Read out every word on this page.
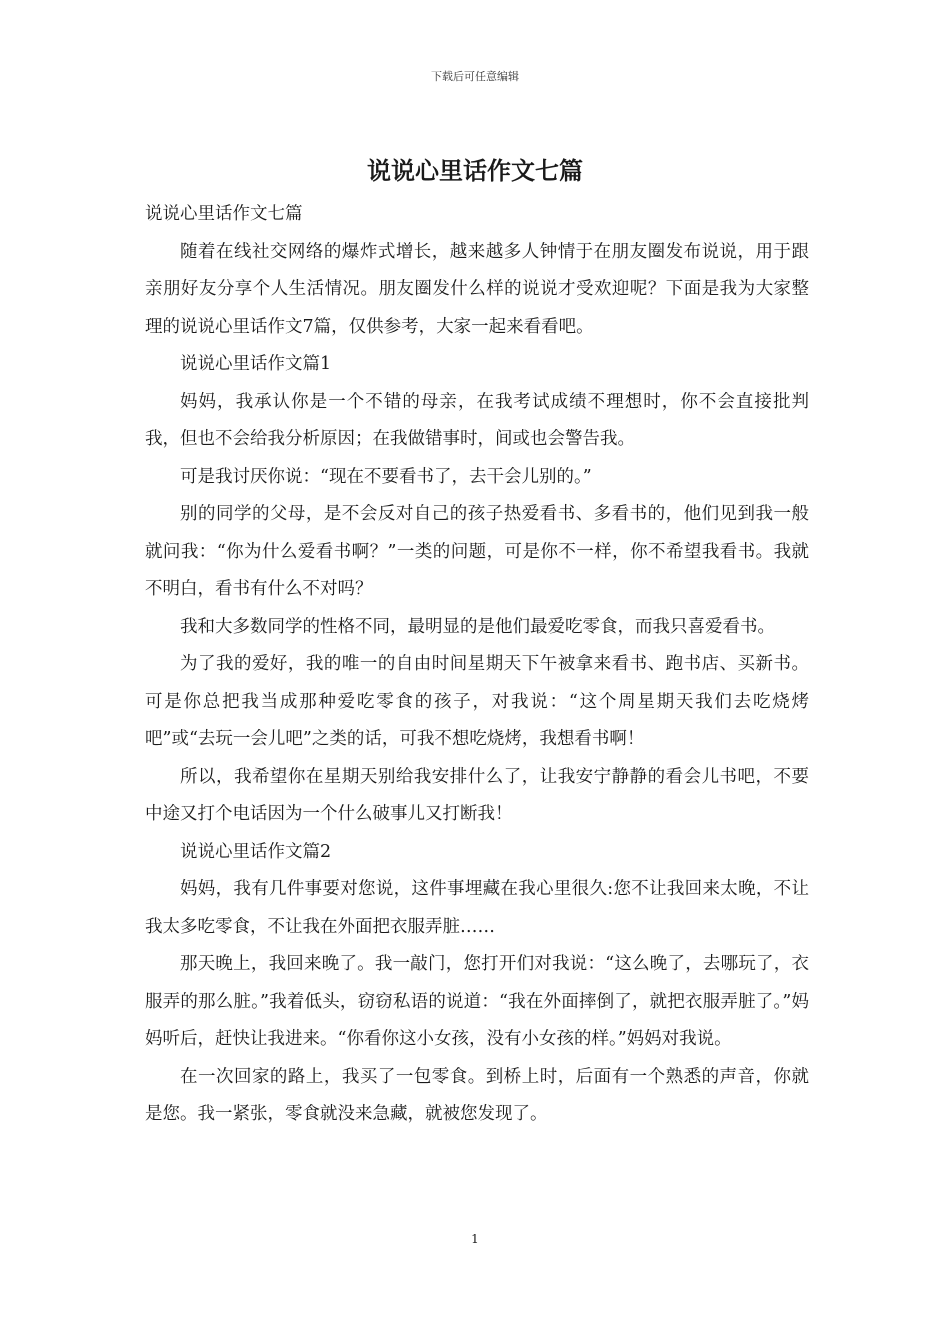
下载后可任意编辑
说说心里话作文七篇

说说心里话作文七篇

随着在线社交网络的爆炸式增长，越来越多人钟情于在朋友圈发布说说，用于跟亲朋好友分享个人生活情况。朋友圈发什么样的说说才受欢迎呢？下面是我为大家整理的说说心里话作文7篇，仅供参考，大家一起来看看吧。

说说心里话作文篇1

妈妈，我承认你是一个不错的母亲，在我考试成绩不理想时，你不会直接批判我，但也不会给我分析原因；在我做错事时，间或也会警告我。

可是我讨厌你说：“现在不要看书了，去干会儿别的。”

别的同学的父母，是不会反对自己的孩子热爱看书、多看书的，他们见到我一般就问我：“你为什么爱看书啊？”一类的问题，可是你不一样，你不希望我看书。我就不明白，看书有什么不对吗？

我和大多数同学的性格不同，最明显的是他们最爱吃零食，而我只喜爱看书。

为了我的爱好，我的唯一的自由时间星期天下午被拿来看书、跑书店、买新书。可是你总把我当成那种爱吃零食的孩子，对我说：“这个周星期天我们去吃烧烤吧”或“去玩一会儿吧”之类的话，可我不想吃烧烤，我想看书啊！

所以，我希望你在星期天别给我安排什么了，让我安宁静静的看会儿书吧，不要中途又打个电话因为一个什么破事儿又打断我！

说说心里话作文篇2

妈妈，我有几件事要对您说，这件事埋藏在我心里很久:您不让我回来太晚，不让我太多吃零食，不让我在外面把衣服弄脏……

那天晚上，我回来晚了。我一敲门，您打开们对我说：“这么晚了，去哪玩了，衣服弄的那么脏。”我着低头，窃窃私语的说道：“我在外面摔倒了，就把衣服弄脏了。”妈妈听后，赶快让我进来。“你看你这小女孩，没有小女孩的样。”妈妈对我说。

在一次回家的路上，我买了一包零食。到桥上时，后面有一个熟悉的声音，你就是您。我一紧张，零食就没来急藏，就被您发现了。

1
